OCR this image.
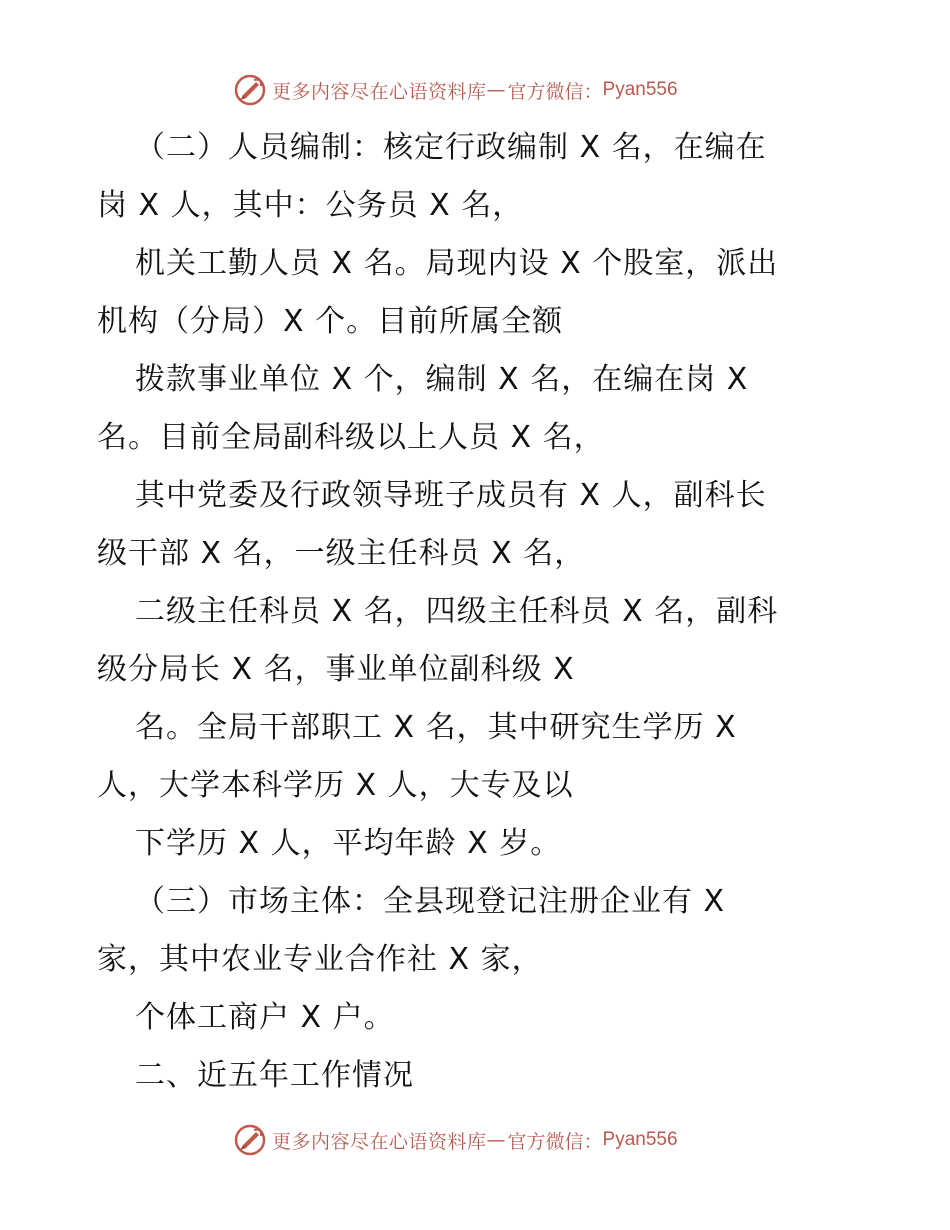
更多内容尽在心语资料库 — 官方微信： Pyan556
（二）人员编制：核定行政编制 X 名，在编在
岗 X 人，其中：公务员 X 名，
机关工勤人员 X 名。局现内设 X 个股室，派出
机构（分局）X 个。目前所属全额
拨款事业单位 X 个，编制 X 名，在编在岗 X
名。目前全局副科级以上人员 X 名，
其中党委及行政领导班子成员有 X 人，副科长
级干部 X 名，一级主任科员 X 名，
二级主任科员 X 名，四级主任科员 X 名，副科
级分局长 X 名，事业单位副科级 X
名。全局干部职工 X 名，其中研究生学历 X
人，大学本科学历 X 人，大专及以
下学历 X 人，平均年龄 X 岁。
（三）市场主体：全县现登记注册企业有 X
家，其中农业专业合作社 X 家，
个体工商户 X 户。
二、近五年工作情况
更多内容尽在心语资料库 — 官方微信： Pyan556
